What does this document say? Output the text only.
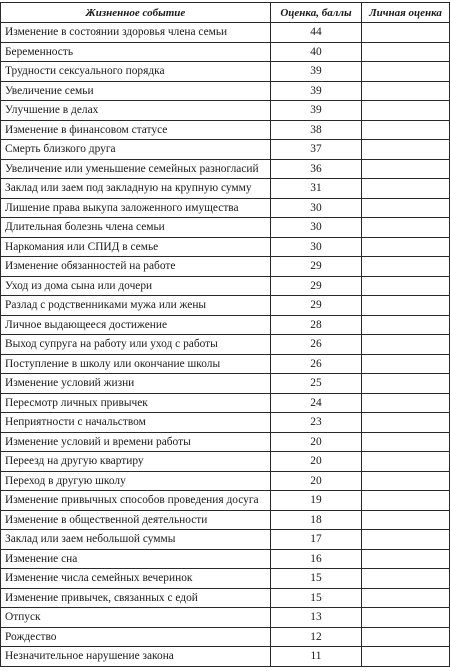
Жизненное событие	Оценка, баллы	Личная оценка
Изменение в состоянии здоровья члена семьи	44	
Беременность	40	
Трудности сексуального порядка	39	
Увеличение семьи	39	
Улучшение в делах	39	
Изменение в финансовом статусе	38	
Смерть близкого друга	37	
Увеличение или уменьшение семейных разногласий	36	
Заклад или заем под закладную на крупную сумму	31	
Лишение права выкупа заложенного имущества	30	
Длительная болезнь члена семьи	30	
Наркомания или СПИД в семье	30	
Изменение обязанностей на работе	29	
Уход из дома сына или дочери	29	
Разлад с родственниками мужа или жены	29	
Личное выдающееся достижение	28	
Выход супруга на работу или уход с работы	26	
Поступление в школу или окончание школы	26	
Изменение условий жизни	25	
Пересмотр личных привычек	24	
Неприятности с начальством	23	
Изменение условий и времени работы	20	
Переезд на другую квартиру	20	
Переход в другую школу	20	
Изменение привычных способов проведения досуга	19	
Изменение в общественной деятельности	18	
Заклад или заем небольшой суммы	17	
Изменение сна	16	
Изменение числа семейных вечеринок	15	
Изменение привычек, связанных с едой	15	
Отпуск	13	
Рождество	12	
Незначительное нарушение закона	11	
